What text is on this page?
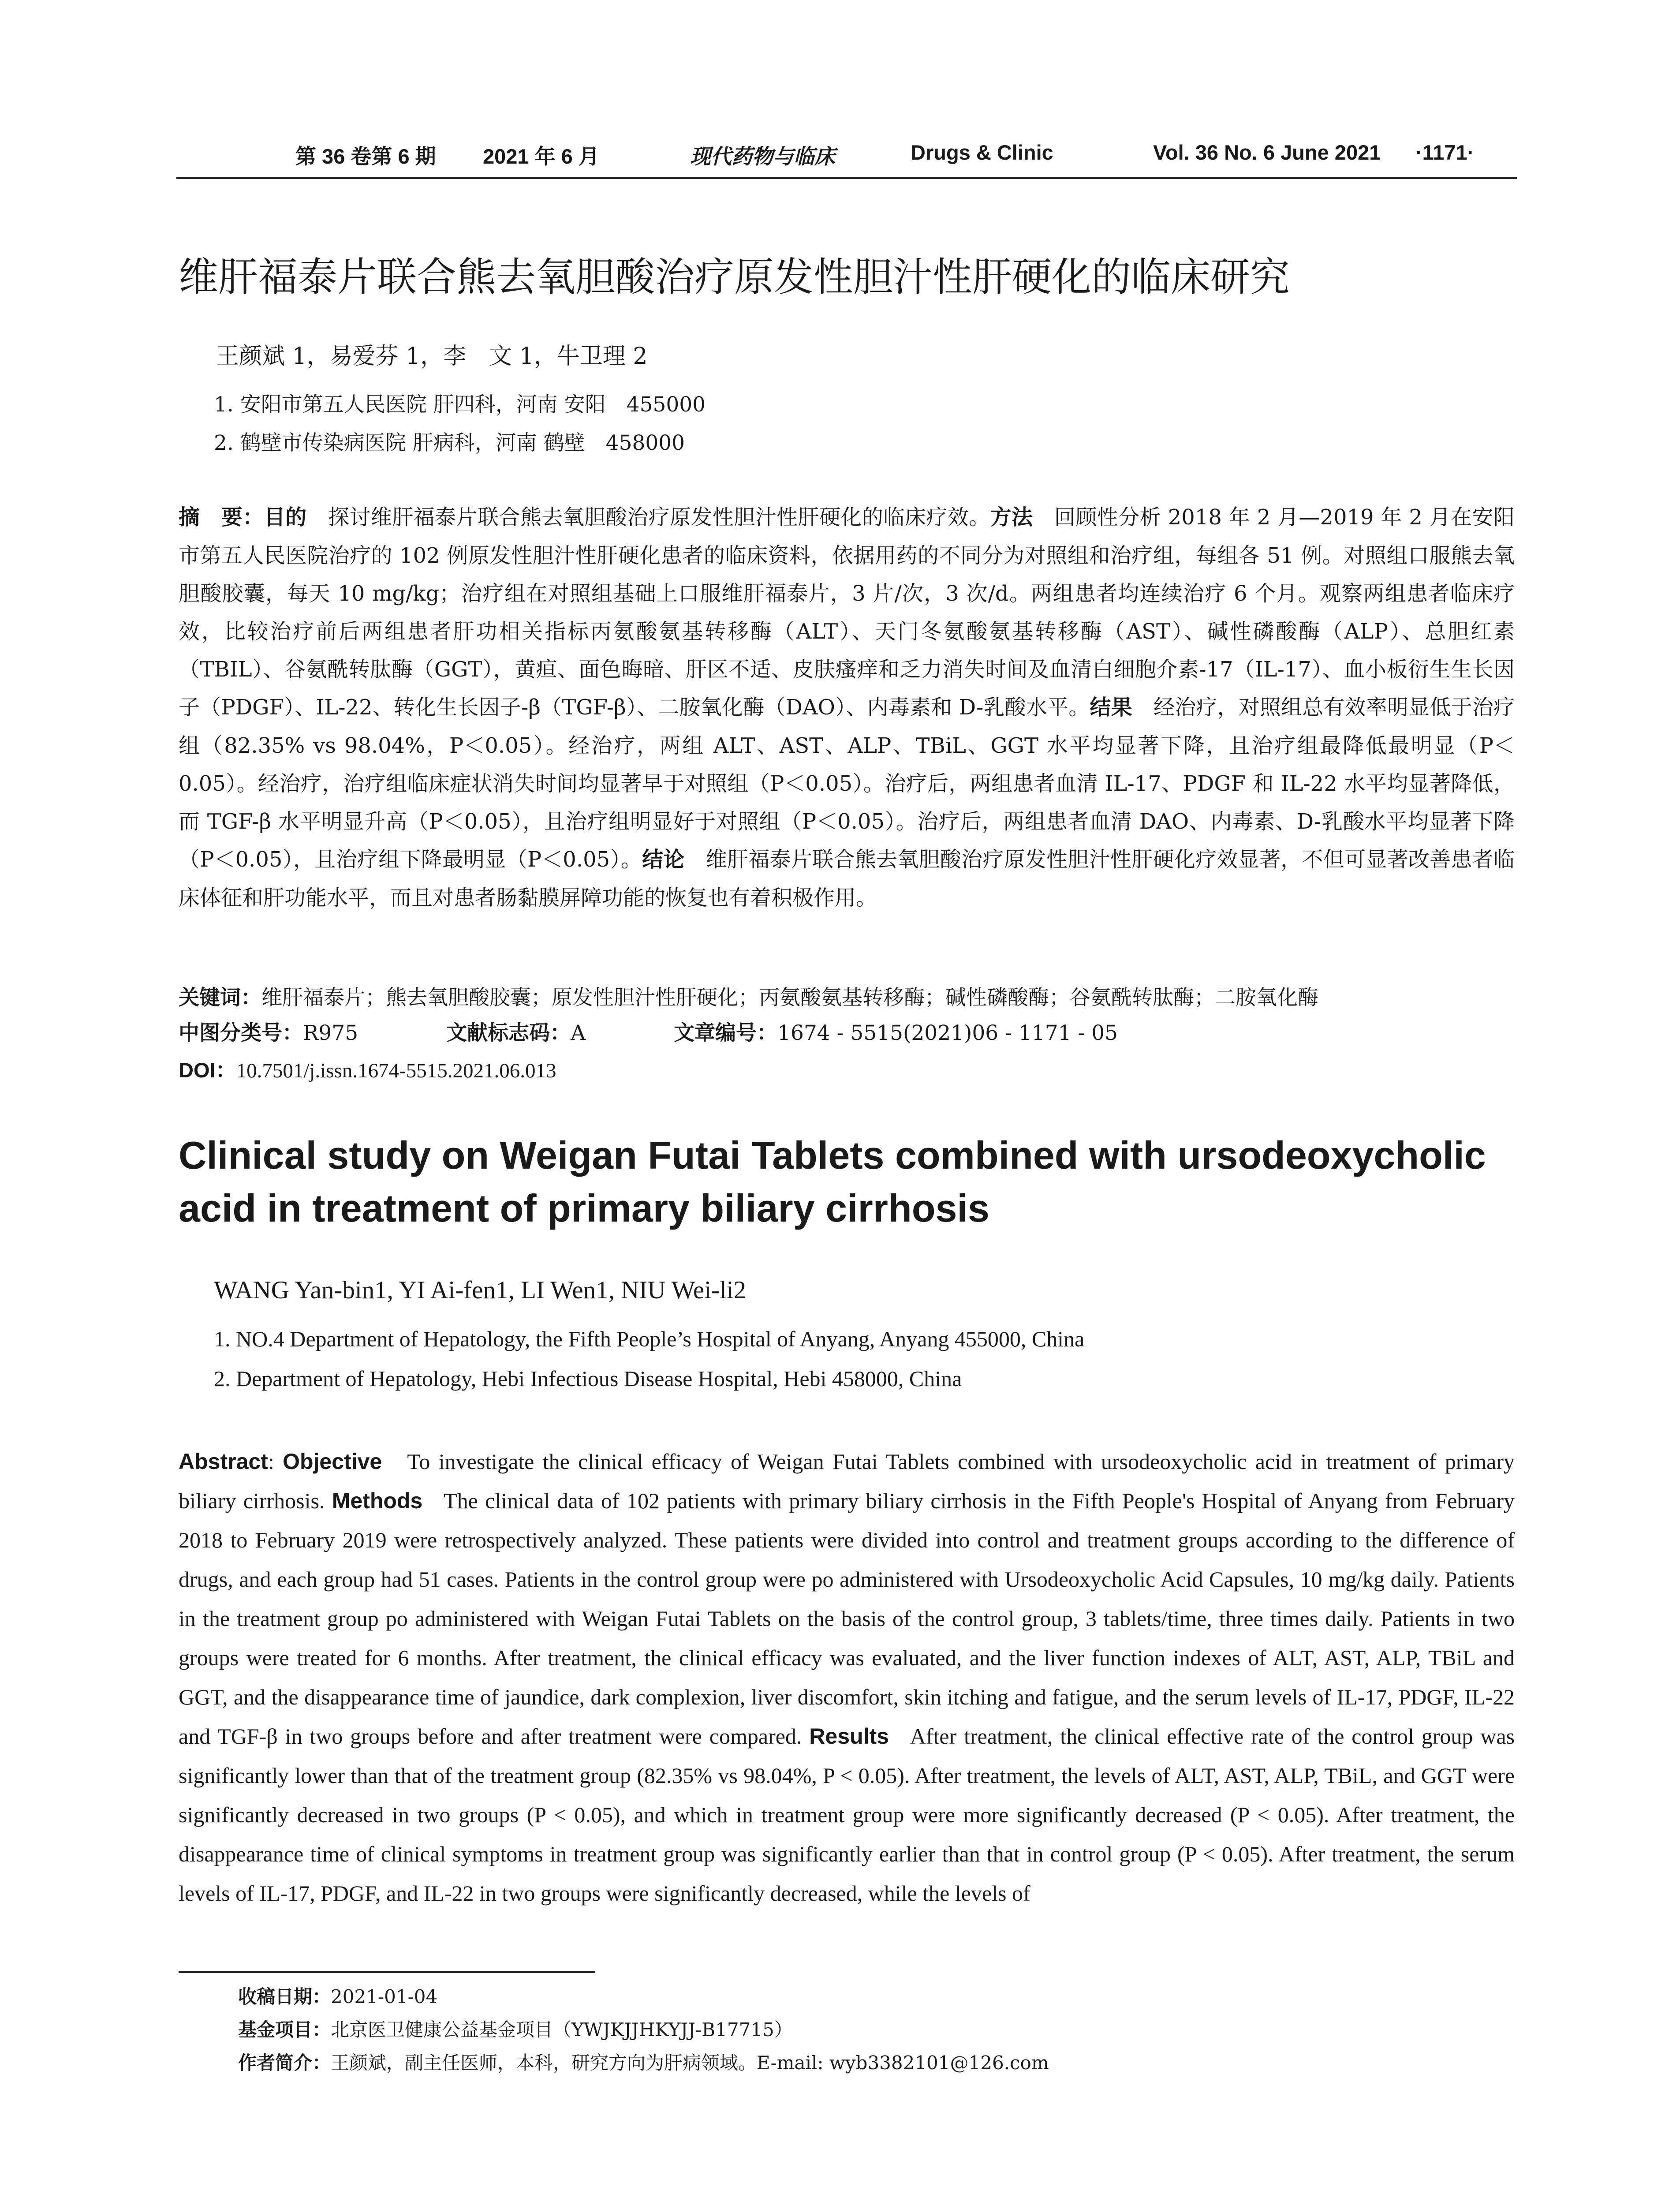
第 36 卷第 6 期 2021 年 6 月	现代药物与临床	Drugs & Clinic	Vol. 36 No. 6 June 2021 ·1171·
维肝福泰片联合熊去氧胆酸治疗原发性胆汁性肝硬化的临床研究
王颜斌 1，易爱芬 1，李　文 1，牛卫理 2
1. 安阳市第五人民医院 肝四科，河南 安阳　455000
2. 鹤壁市传染病医院 肝病科，河南 鹤壁　458000
摘　要：目的　 探讨维肝福泰片联合熊去氧胆酸治疗原发性胆汁性肝硬化的临床疗效。方法　 回顾性分析 2018 年 2 月—2019 年 2 月在安阳市第五人民医院治疗的 102 例原发性胆汁性肝硬化患者的临床资料，依据用药的不同分为对照组和治疗组，每组各 51 例。对照组口服熊去氧胆酸胶囊，每天 10 mg/kg；治疗组在对照组基础上口服维肝福泰片，3 片/次，3 次/d。两组患者均连续治疗 6 个月。观察两组患者临床疗效，比较治疗前后两组患者肝功相关指标丙氨酸氨基转移酶（ALT）、天门冬氨酸氨基转移酶（AST）、碱性磷酸酶（ALP）、总胆红素（TBIL）、谷氨酰转肽酶（GGT），黄疸、面色晦暗、肝区不适、皮肤瘙痒和乏力消失时间及血清白细胞介素-17（IL-17）、血小板衍生生长因子（PDGF）、IL-22、转化生长因子-β（TGF-β）、二胺氧化酶（DAO）、内毒素和 D-乳酸水平。结果　 经治疗，对照组总有效率明显低于治疗组（82.35% vs 98.04%，P＜0.05）。经治疗，两组 ALT、AST、ALP、TBiL、GGT 水平均显著下降，且治疗组最降低最明显（P＜0.05）。经治疗，治疗组临床症状消失时间均显著早于对照组（P＜0.05）。治疗后，两组患者血清 IL-17、PDGF 和 IL-22 水平均显著降低，而 TGF-β 水平明显升高（P＜0.05），且治疗组明显好于对照组（P＜0.05）。治疗后，两组患者血清 DAO、内毒素、D-乳酸水平均显著下降（P＜0.05），且治疗组下降最明显（P＜0.05）。结论　 维肝福泰片联合熊去氧胆酸治疗原发性胆汁性肝硬化疗效显著，不但可显著改善患者临床体征和肝功能水平，而且对患者肠黏膜屏障功能的恢复也有着积极作用。
关键词：维肝福泰片；熊去氧胆酸胶囊；原发性胆汁性肝硬化；丙氨酸氨基转移酶；碱性磷酸酶；谷氨酰转肽酶；二胺氧化酶
中图分类号：R975	文献标志码：A	文章编号：1674 - 5515(2021)06 - 1171 - 05
DOI：10.7501/j.issn.1674-5515.2021.06.013
Clinical study on Weigan Futai Tablets combined with ursodeoxycholic acid in treatment of primary biliary cirrhosis
WANG Yan-bin1, YI Ai-fen1, LI Wen1, NIU Wei-li2
1. NO.4 Department of Hepatology, the Fifth People’s Hospital of Anyang, Anyang 455000, China
2. Department of Hepatology, Hebi Infectious Disease Hospital, Hebi 458000, China
Abstract: Objective To investigate the clinical efficacy of Weigan Futai Tablets combined with ursodeoxycholic acid in treatment of primary biliary cirrhosis. Methods The clinical data of 102 patients with primary biliary cirrhosis in the Fifth People's Hospital of Anyang from February 2018 to February 2019 were retrospectively analyzed. These patients were divided into control and treatment groups according to the difference of drugs, and each group had 51 cases. Patients in the control group were po administered with Ursodeoxycholic Acid Capsules, 10 mg/kg daily. Patients in the treatment group po administered with Weigan Futai Tablets on the basis of the control group, 3 tablets/time, three times daily. Patients in two groups were treated for 6 months. After treatment, the clinical efficacy was evaluated, and the liver function indexes of ALT, AST, ALP, TBiL and GGT, and the disappearance time of jaundice, dark complexion, liver discomfort, skin itching and fatigue, and the serum levels of IL-17, PDGF, IL-22 and TGF-β in two groups before and after treatment were compared. Results After treatment, the clinical effective rate of the control group was significantly lower than that of the treatment group (82.35% vs 98.04%, P < 0.05). After treatment, the levels of ALT, AST, ALP, TBiL, and GGT were significantly decreased in two groups (P < 0.05), and which in treatment group were more significantly decreased (P < 0.05). After treatment, the disappearance time of clinical symptoms in treatment group was significantly earlier than that in control group (P < 0.05). After treatment, the serum levels of IL-17, PDGF, and IL-22 in two groups were significantly decreased, while the levels of
收稿日期：2021-01-04
基金项目：北京医卫健康公益基金项目（YWJKJJHKYJJ-B17715）
作者简介：王颜斌，副主任医师，本科，研究方向为肝病领域。E-mail: wyb3382101@126.com
